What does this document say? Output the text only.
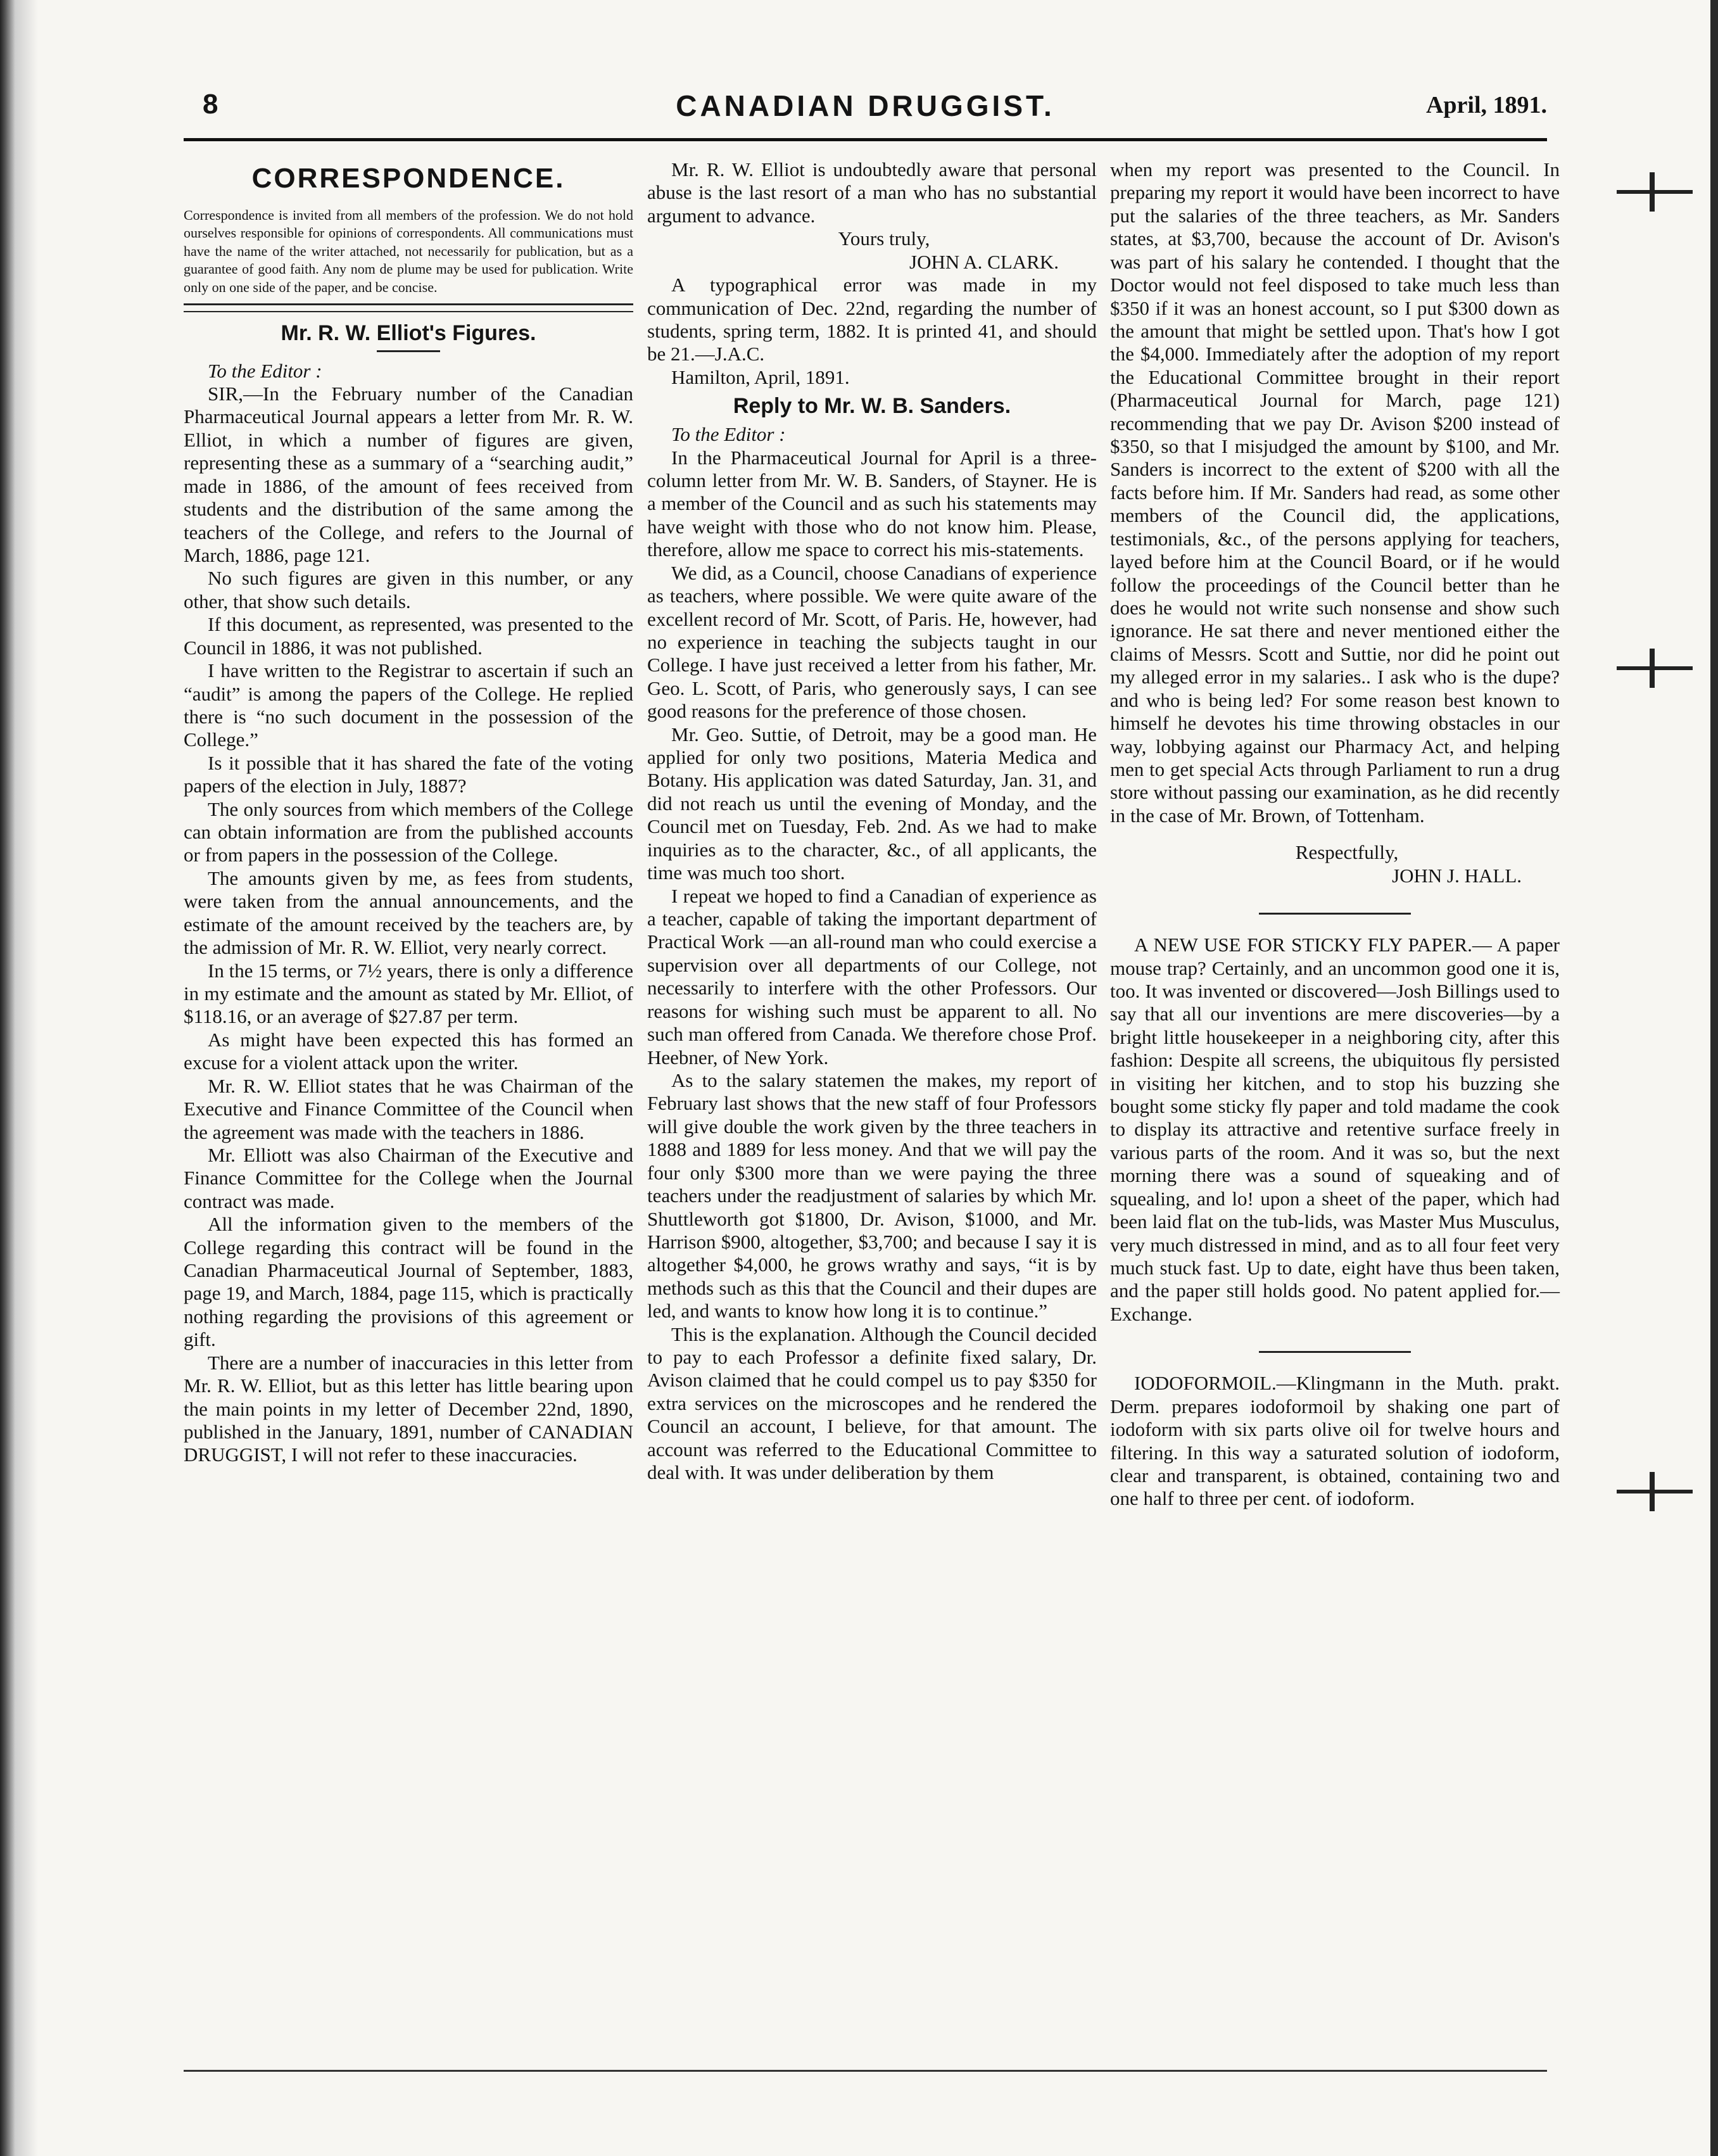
8	CANADIAN DRUGGIST.	April, 1891.
CORRESPONDENCE.
Correspondence is invited from all members of the profession. We do not hold ourselves responsible for opinions of correspondents. All communications must have the name of the writer attached, not necessarily for publication, but as a guarantee of good faith. Any nom de plume may be used for publication. Write only on one side of the paper, and be concise.
Mr. R. W. Elliot's Figures.

To the Editor :

SIR,—In the February number of the Canadian Pharmaceutical Journal appears a letter from Mr. R. W. Elliot, in which a number of figures are given, representing these as a summary of a “searching audit,” made in 1886, of the amount of fees received from students and the distribution of the same among the teachers of the College, and refers to the Journal of March, 1886, page 121.

No such figures are given in this number, or any other, that show such details.

If this document, as represented, was presented to the Council in 1886, it was not published.

I have written to the Registrar to ascertain if such an “audit” is among the papers of the College. He replied there is “no such document in the possession of the College.”

Is it possible that it has shared the fate of the voting papers of the election in July, 1887?

The only sources from which members of the College can obtain information are from the published accounts or from papers in the possession of the College.

The amounts given by me, as fees from students, were taken from the annual announcements, and the estimate of the amount received by the teachers are, by the admission of Mr. R. W. Elliot, very nearly correct.

In the 15 terms, or 7½ years, there is only a difference in my estimate and the amount as stated by Mr. Elliot, of $118.16, or an average of $27.87 per term.

As might have been expected this has formed an excuse for a violent attack upon the writer.

Mr. R. W. Elliot states that he was Chairman of the Executive and Finance Committee of the Council when the agreement was made with the teachers in 1886.

Mr. Elliott was also Chairman of the Executive and Finance Committee for the College when the Journal contract was made.

All the information given to the members of the College regarding this contract will be found in the Canadian Pharmaceutical Journal of September, 1883, page 19, and March, 1884, page 115, which is practically nothing regarding the provisions of this agreement or gift.

There are a number of inaccuracies in this letter from Mr. R. W. Elliot, but as this letter has little bearing upon the main points in my letter of December 22nd, 1890, published in the January, 1891, number of CANADIAN DRUGGIST, I will not refer to these inaccuracies.

Mr. R. W. Elliot is undoubtedly aware that personal abuse is the last resort of a man who has no substantial argument to advance.

Yours truly,

JOHN A. CLARK.

A typographical error was made in my communication of Dec. 22nd, regarding the number of students, spring term, 1882. It is printed 41, and should be 21.—J.A.C.

Hamilton, April, 1891.

Reply to Mr. W. B. Sanders.

To the Editor :

In the Pharmaceutical Journal for April is a three-column letter from Mr. W. B. Sanders, of Stayner. He is a member of the Council and as such his statements may have weight with those who do not know him. Please, therefore, allow me space to correct his mis-statements.

We did, as a Council, choose Canadians of experience as teachers, where possible. We were quite aware of the excellent record of Mr. Scott, of Paris. He, however, had no experience in teaching the subjects taught in our College. I have just received a letter from his father, Mr. Geo. L. Scott, of Paris, who generously says, I can see good reasons for the preference of those chosen.

Mr. Geo. Suttie, of Detroit, may be a good man. He applied for only two positions, Materia Medica and Botany. His application was dated Saturday, Jan. 31, and did not reach us until the evening of Monday, and the Council met on Tuesday, Feb. 2nd. As we had to make inquiries as to the character, &c., of all applicants, the time was much too short.

I repeat we hoped to find a Canadian of experience as a teacher, capable of taking the important department of Practical Work —an all-round man who could exercise a supervision over all departments of our College, not necessarily to interfere with the other Professors. Our reasons for wishing such must be apparent to all. No such man offered from Canada. We therefore chose Prof. Heebner, of New York.

As to the salary statemen the makes, my report of February last shows that the new staff of four Professors will give double the work given by the three teachers in 1888 and 1889 for less money. And that we will pay the four only $300 more than we were paying the three teachers under the readjustment of salaries by which Mr. Shuttleworth got $1800, Dr. Avison, $1000, and Mr. Harrison $900, altogether, $3,700; and because I say it is altogether $4,000, he grows wrathy and says, “it is by methods such as this that the Council and their dupes are led, and wants to know how long it is to continue.”

This is the explanation. Although the Council decided to pay to each Professor a definite fixed salary, Dr. Avison claimed that he could compel us to pay $350 for extra services on the microscopes and he rendered the Council an account, I believe, for that amount. The account was referred to the Educational Committee to deal with. It was under deliberation by them

when my report was presented to the Council. In preparing my report it would have been incorrect to have put the salaries of the three teachers, as Mr. Sanders states, at $3,700, because the account of Dr. Avison's was part of his salary he contended. I thought that the Doctor would not feel disposed to take much less than $350 if it was an honest account, so I put $300 down as the amount that might be settled upon. That's how I got the $4,000. Immediately after the adoption of my report the Educational Committee brought in their report (Pharmaceutical Journal for March, page 121) recommending that we pay Dr. Avison $200 instead of $350, so that I misjudged the amount by $100, and Mr. Sanders is incorrect to the extent of $200 with all the facts before him. If Mr. Sanders had read, as some other members of the Council did, the applications, testimonials, &c., of the persons applying for teachers, layed before him at the Council Board, or if he would follow the proceedings of the Council better than he does he would not write such nonsense and show such ignorance. He sat there and never mentioned either the claims of Messrs. Scott and Suttie, nor did he point out my alleged error in my salaries.. I ask who is the dupe? and who is being led? For some reason best known to himself he devotes his time throwing obstacles in our way, lobbying against our Pharmacy Act, and helping men to get special Acts through Parliament to run a drug store without passing our examination, as he did recently in the case of Mr. Brown, of Tottenham.

Respectfully,

JOHN J. HALL.

A NEW USE FOR STICKY FLY PAPER.— A paper mouse trap? Certainly, and an uncommon good one it is, too. It was invented or discovered—Josh Billings used to say that all our inventions are mere discoveries—by a bright little housekeeper in a neighboring city, after this fashion: Despite all screens, the ubiquitous fly persisted in visiting her kitchen, and to stop his buzzing she bought some sticky fly paper and told madame the cook to display its attractive and retentive surface freely in various parts of the room. And it was so, but the next morning there was a sound of squeaking and of squealing, and lo! upon a sheet of the paper, which had been laid flat on the tub-lids, was Master Mus Musculus, very much distressed in mind, and as to all four feet very much stuck fast. Up to date, eight have thus been taken, and the paper still holds good. No patent applied for.—Exchange.

IODOFORMOIL.—Klingmann in the Muth. prakt. Derm. prepares iodoformoil by shaking one part of iodoform with six parts olive oil for twelve hours and filtering. In this way a saturated solution of iodoform, clear and transparent, is obtained, containing two and one half to three per cent. of iodoform.
